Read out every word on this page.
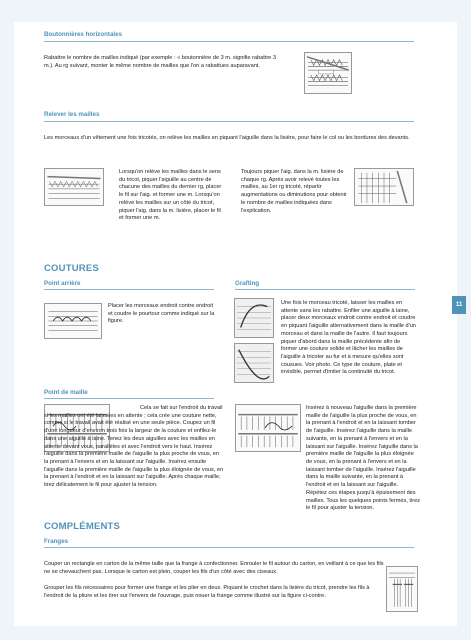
Boutonnières horizontales
Rabattre le nombre de mailles indiqué (par exemple : « boutonnière de 3 m. signifie rabattre 3 m.). Au rg suivant, monter le même nombre de mailles que l'on a rabattues auparavant.
Relever les mailles
Les morceaux d'un vêtement une fois tricotés, on relève les mailles en piquant l'aiguille dans la lisière, pour faire le col ou les bordures des devants.
Lorsqu'on relève les mailles dans le sens du tricot, piquer l'aiguille au centre de chacune des mailles du dernier rg, placer le fil sur l'aig. et former une m. Lorsqu'on relève les mailles sur un côté du tricot, piquer l'aig. dans la m. lisière, placer le fil et former une m.
Toujours piquer l'aig. dans la m. lisière de chaque rg. Après avoir relevé toutes les mailles, au 1er rg tricoté, répartir augmentations ou diminutions pour obtenir le nombre de mailles indiquées dans l'explication.
COUTURES
Point arrière	Grafting
Placer les morceaux endroit contre endroit et coudre le pourtour comme indiqué sur la figure.
Une fois le morceau tricoté, laisser les mailles en attente sans les rabattre. Enfiler une aiguille à laine, placer deux morceaux endroit contre endroit et coudre en piquant l'aiguille alternativement dans la maille d'un morceau et dans la maille de l'autre. Il faut toujours piquer d'abord dans la maille précédente afin de former une couture solide et lâcher les mailles de l'aiguille à tricoter au fur et à mesure qu'elles sont cousues. Voir photo. Ce type de couture, plate et invisible, permet d'imiter la continuité du tricot.
11
Point de maille
Cela se fait sur l'endroit du travail si les mailles ont été laissées en attente ; cela crée une couture nette, comme si le travail avait été réalisé en une seule pièce. Coupez un fil d'une longueur d'environ trois fois la largeur de la couture et enfilez-le dans une aiguille à laine. Tenez les deux aiguilles avec les mailles en attente devant vous, parallèles et avec l'endroit vers le haut. Insérez l'aiguille dans la première maille de l'aiguille la plus proche de vous, en la prenant à l'envers et en la laissant sur l'aiguille. Insérez ensuite l'aiguille dans la première maille de l'aiguille la plus éloignée de vous, en la prenant à l'endroit et en la laissant sur l'aiguille. Après chaque maille, tirez délicatement le fil pour ajuster la tension.
Insérez à nouveau l'aiguille dans la première maille de l'aiguille la plus proche de vous, en la prenant à l'endroit et en la laissant tomber de l'aiguille. Insérez l'aiguille dans la maille suivante, en la prenant à l'envers et en la laissant sur l'aiguille. Insérez l'aiguille dans la première maille de l'aiguille la plus éloignée de vous, en la prenant à l'envers et en la laissant tomber de l'aiguille. Insérez l'aiguille dans la maille suivante, en la prenant à l'endroit et en la laissant sur l'aiguille. Répétez ces étapes jusqu'à épuisement des mailles. Tous les quelques points fermés, tirez le fil pour ajuster la tension.
COMPLÉMENTS
Franges
Couper un rectangle en carton de la même taille que la frange à confectionner. Enrouler le fil autour du carton, en veillant à ce que les fils ne se chevauchent pas. Lorsque le carton est plein, couper les fils d'un côté avec des ciseaux.
Grouper les fils nécessaires pour former une frange et les plier en deux. Piquant le crochet dans la lisière du tricot, prendre les fils à l'endroit de la pliure et les tirer sur l'envers de l'ouvrage, puis nouer la frange comme illustré sur la figure ci-contre.
